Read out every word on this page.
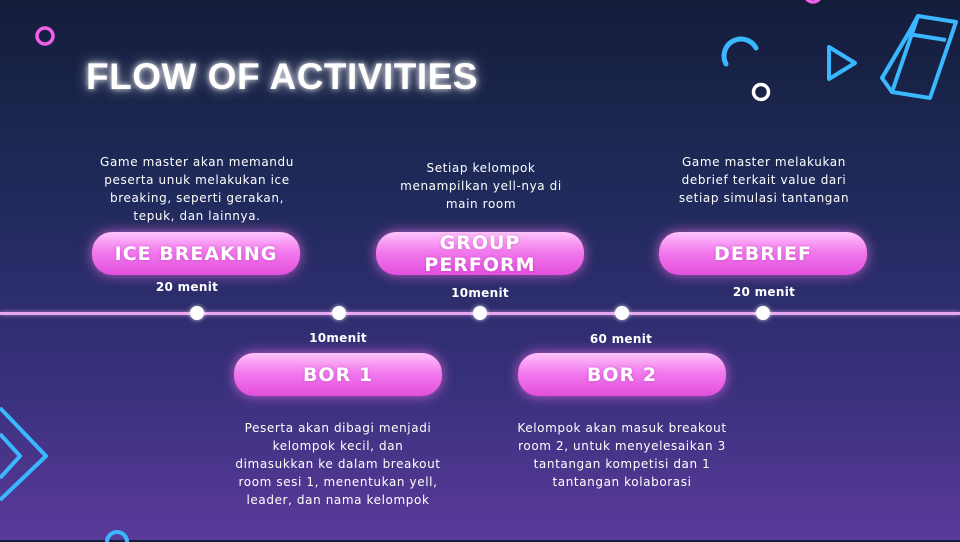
FLOW OF ACTIVITIES
Game master akan memandu
peserta unuk melakukan ice
breaking, seperti gerakan,
tepuk, dan lainnya.
Setiap kelompok
menampilkan yell-nya di
main room
Game master melakukan
debrief terkait value dari
setiap simulasi tantangan
Peserta akan dibagi menjadi
kelompok kecil, dan
dimasukkan ke dalam breakout
room sesi 1, menentukan yell,
leader, dan nama kelompok
Kelompok akan masuk breakout
room 2, untuk menyelesaikan 3
tantangan kompetisi dan 1
tantangan kolaborasi
ICE BREAKING	GROUP PERFORM	DEBRIEF
BOR 1	BOR 2
20 menit	10menit	20 menit
10menit	60 menit
